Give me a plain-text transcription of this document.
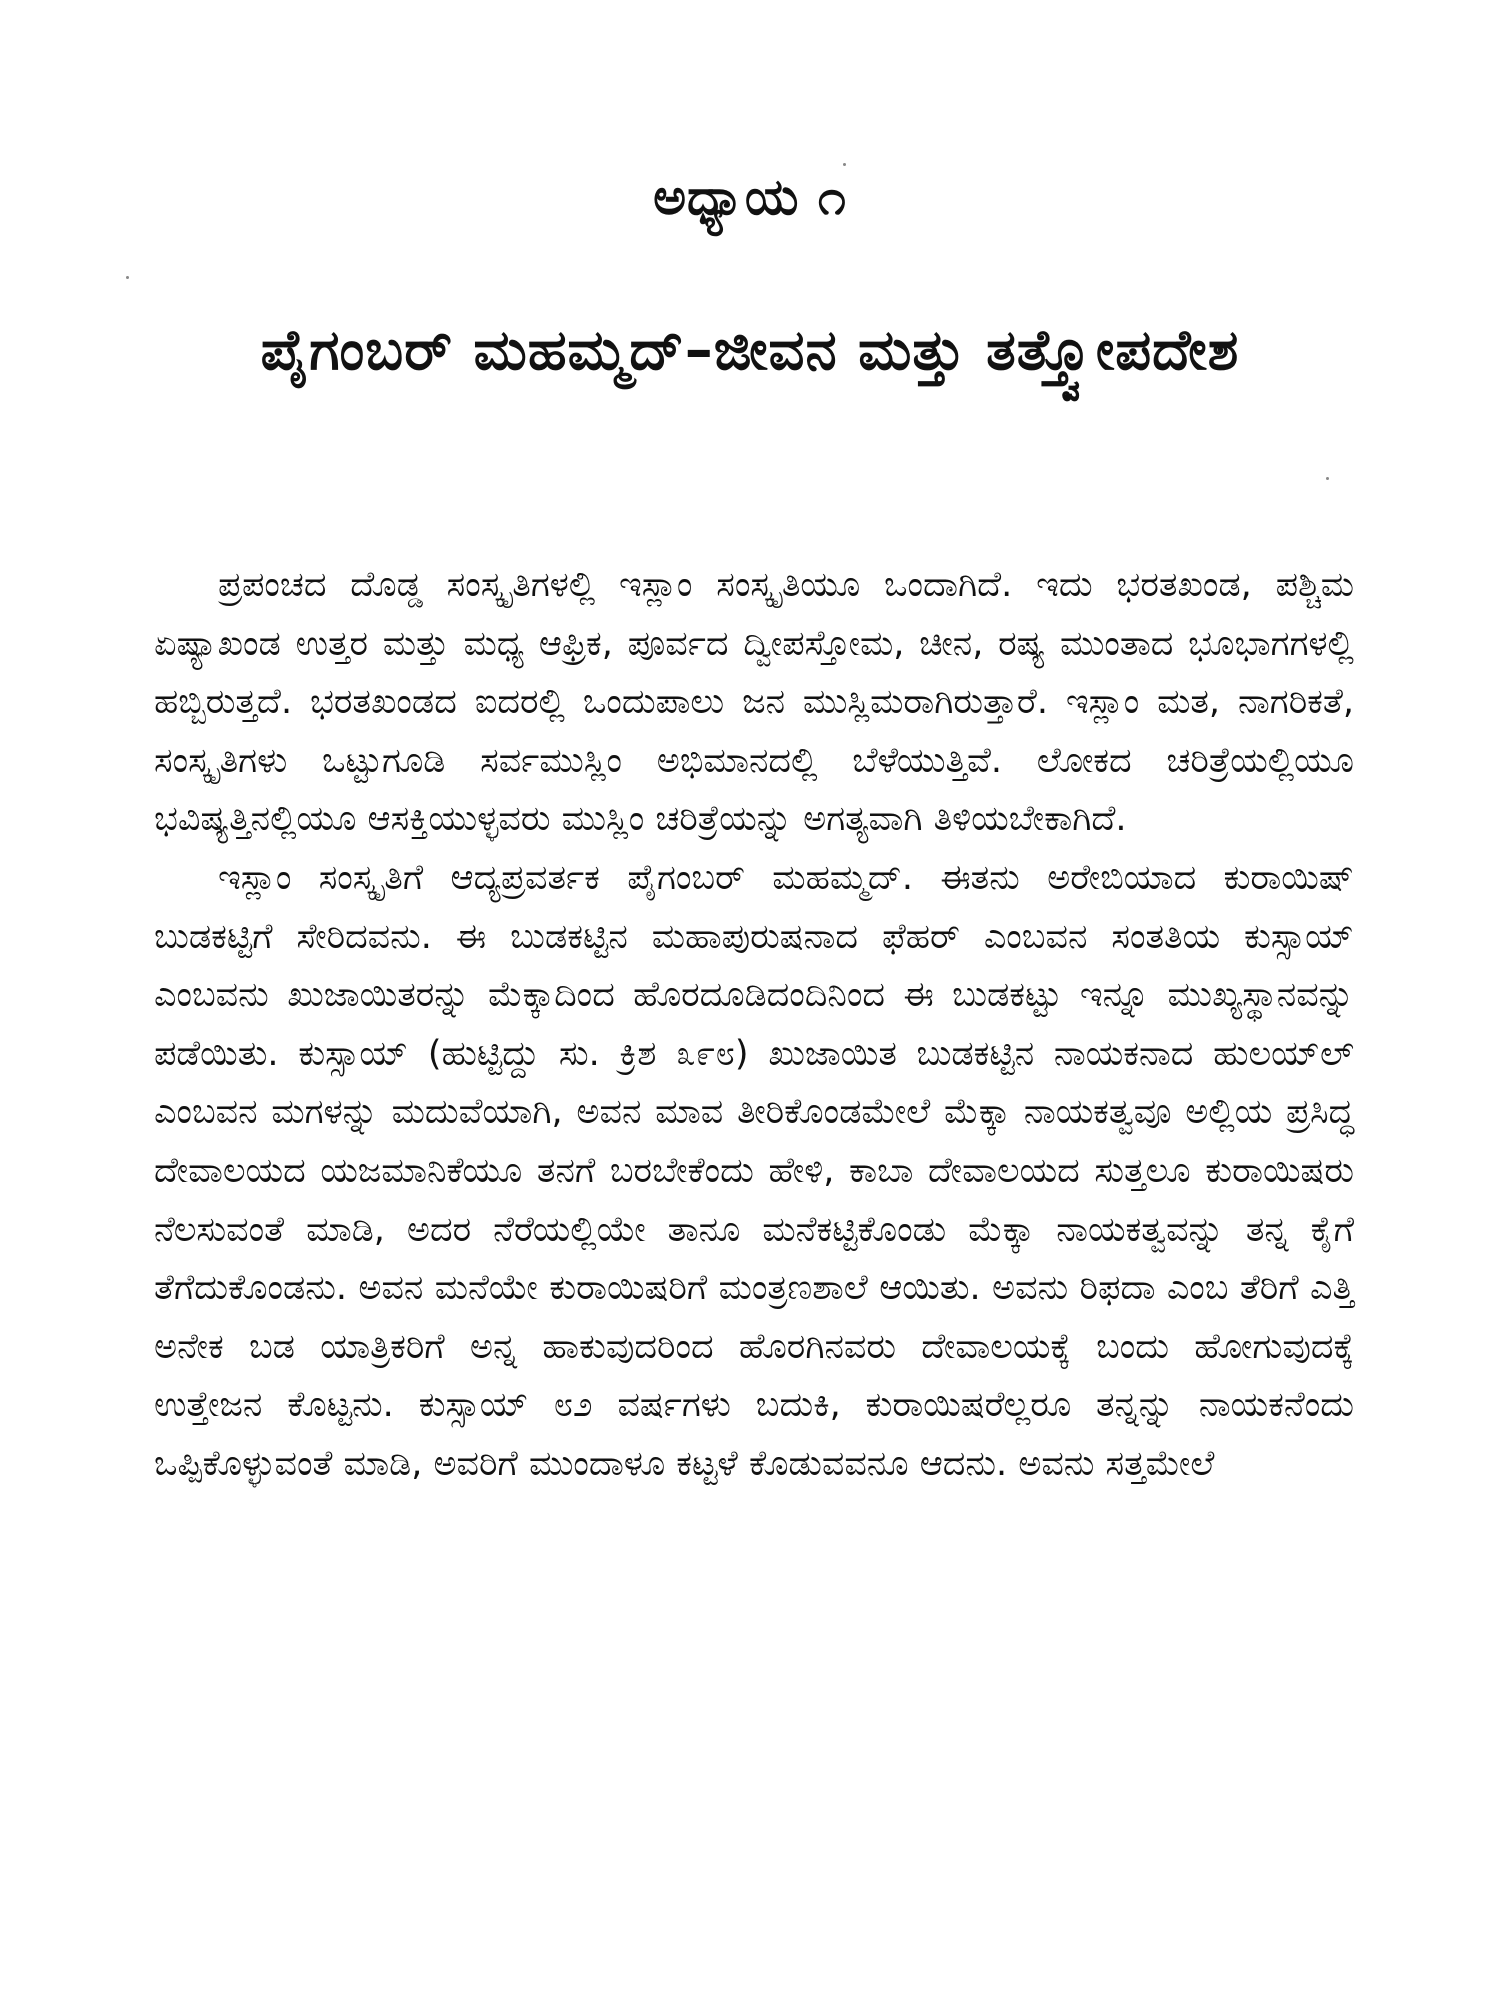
ಅಧ್ಯಾಯ ೧
ಪೈಗಂಬರ್ ಮಹಮ್ಮದ್–ಜೀವನ ಮತ್ತು ತತ್ತ್ವೋಪದೇಶ

ಪ್ರಪಂಚದ ದೊಡ್ಡ ಸಂಸ್ಕೃತಿಗಳಲ್ಲಿ ಇಸ್ಲಾಂ ಸಂಸ್ಕೃತಿಯೂ ಒಂದಾಗಿದೆ. ಇದು ಭರತಖಂಡ, ಪಶ್ಚಿಮ ಏಷ್ಯಾಖಂಡ ಉತ್ತರ ಮತ್ತು ಮಧ್ಯ ಆಫ್ರಿಕ, ಪೂರ್ವದ ದ್ವೀಪಸ್ತೋಮ, ಚೀನ, ರಷ್ಯ ಮುಂತಾದ ಭೂಭಾಗಗಳಲ್ಲಿ ಹಬ್ಬಿರುತ್ತದೆ. ಭರತಖಂಡದ ಐದರಲ್ಲಿ ಒಂದುಪಾಲು ಜನ ಮುಸ್ಲಿಮರಾಗಿರುತ್ತಾರೆ. ಇಸ್ಲಾಂ ಮತ, ನಾಗರಿಕತೆ, ಸಂಸ್ಕೃತಿಗಳು ಒಟ್ಟುಗೂಡಿ ಸರ್ವಮುಸ್ಲಿಂ ಅಭಿಮಾನದಲ್ಲಿ ಬೆಳೆಯುತ್ತಿವೆ. ಲೋಕದ ಚರಿತ್ರೆಯಲ್ಲಿಯೂ ಭವಿಷ್ಯತ್ತಿನಲ್ಲಿಯೂ ಆಸಕ್ತಿಯುಳ್ಳವರು ಮುಸ್ಲಿಂ ಚರಿತ್ರೆಯನ್ನು ಅಗತ್ಯವಾಗಿ ತಿಳಿಯಬೇಕಾಗಿದೆ.

ಇಸ್ಲಾಂ ಸಂಸ್ಕೃತಿಗೆ ಆದ್ಯಪ್ರವರ್ತಕ ಪೈಗಂಬರ್ ಮಹಮ್ಮದ್. ಈತನು ಅರೇಬಿಯಾದ ಕುರಾಯಿಷ್ ಬುಡಕಟ್ಟಿಗೆ ಸೇರಿದವನು. ಈ ಬುಡಕಟ್ಟಿನ ಮಹಾಪುರುಷನಾದ ಫೆಹರ್ ಎಂಬವನ ಸಂತತಿಯ ಕುಸ್ಸಾಯ್ ಎಂಬವನು ಖುಜಾಯಿತರನ್ನು ಮೆಕ್ಕಾದಿಂದ ಹೊರದೂಡಿದಂದಿನಿಂದ ಈ ಬುಡಕಟ್ಟು ಇನ್ನೂ ಮುಖ್ಯಸ್ಥಾನವನ್ನು ಪಡೆಯಿತು. ಕುಸ್ಸಾಯ್ (ಹುಟ್ಟಿದ್ದು ಸು. ಕ್ರಿಶ ೩೯೮) ಖುಜಾಯಿತ ಬುಡಕಟ್ಟಿನ ನಾಯಕನಾದ ಹುಲಯ್‌ಲ್ ಎಂಬವನ ಮಗಳನ್ನು ಮದುವೆಯಾಗಿ, ಅವನ ಮಾವ ತೀರಿಕೊಂಡಮೇಲೆ ಮೆಕ್ಕಾ ನಾಯಕತ್ವವೂ ಅಲ್ಲಿಯ ಪ್ರಸಿದ್ಧ ದೇವಾಲಯದ ಯಜಮಾನಿಕೆಯೂ ತನಗೆ ಬರಬೇಕೆಂದು ಹೇಳಿ, ಕಾಬಾ ದೇವಾಲಯದ ಸುತ್ತಲೂ ಕುರಾಯಿಷರು ನೆಲಸುವಂತೆ ಮಾಡಿ, ಅದರ ನೆರೆಯಲ್ಲಿಯೇ ತಾನೂ ಮನೆಕಟ್ಟಿಕೊಂಡು ಮೆಕ್ಕಾ ನಾಯಕತ್ವವನ್ನು ತನ್ನ ಕೈಗೆ ತೆಗೆದುಕೊಂಡನು. ಅವನ ಮನೆಯೇ ಕುರಾಯಿಷರಿಗೆ ಮಂತ್ರಣಶಾಲೆ ಆಯಿತು. ಅವನು ರಿಫದಾ ಎಂಬ ತೆರಿಗೆ ಎತ್ತಿ ಅನೇಕ ಬಡ ಯಾತ್ರಿಕರಿಗೆ ಅನ್ನ ಹಾಕುವುದರಿಂದ ಹೊರಗಿನವರು ದೇವಾಲಯಕ್ಕೆ ಬಂದು ಹೋಗುವುದಕ್ಕೆ ಉತ್ತೇಜನ ಕೊಟ್ಟನು. ಕುಸ್ಸಾಯ್ ೮೨ ವರ್ಷಗಳು ಬದುಕಿ, ಕುರಾಯಿಷರೆಲ್ಲರೂ ತನ್ನನ್ನು ನಾಯಕನೆಂದು ಒಪ್ಪಿಕೊಳ್ಳುವಂತೆ ಮಾಡಿ, ಅವರಿಗೆ ಮುಂದಾಳೂ ಕಟ್ಟಳೆ ಕೊಡುವವನೂ ಆದನು. ಅವನು ಸತ್ತಮೇಲೆ
